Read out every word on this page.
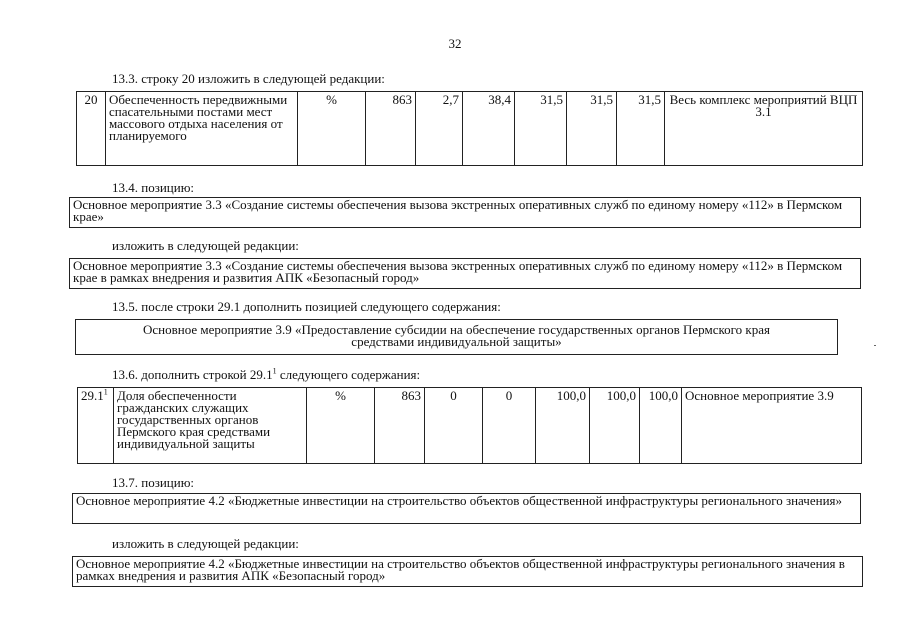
32
13.3. строку 20 изложить в следующей редакции:
20	Обеспеченность передвижными спасательными постами мест массового отдыха населения от планируемого	%	863	2,7	38,4	31,5	31,5	31,5	Весь комплекс мероприятий ВЦП 3.1
13.4. позицию:
Основное мероприятие 3.3 «Создание системы обеспечения вызова экстренных оперативных служб по единому номеру «112» в Пермском крае»
изложить в следующей редакции:
Основное мероприятие 3.3 «Создание системы обеспечения вызова экстренных оперативных служб по единому номеру «112» в Пермском крае в рамках внедрения и развития АПК «Безопасный город»
13.5. после строки 29.1 дополнить позицией следующего содержания:
Основное мероприятие 3.9 «Предоставление субсидии на обеспечение государственных органов Пермского края средствами индивидуальной защиты»
13.6. дополнить строкой 29.1$^1$ следующего содержания:
29.1$^1$	Доля обеспеченности гражданских служащих государственных органов Пермского края средствами индивидуальной защиты	%	863	0	0	100,0	100,0	100,0	Основное мероприятие 3.9
13.7. позицию:
Основное мероприятие 4.2 «Бюджетные инвестиции на строительство объектов общественной инфраструктуры регионального значения»
изложить в следующей редакции:
Основное мероприятие 4.2 «Бюджетные инвестиции на строительство объектов общественной инфраструктуры регионального значения в рамках внедрения и развития АПК «Безопасный город»
